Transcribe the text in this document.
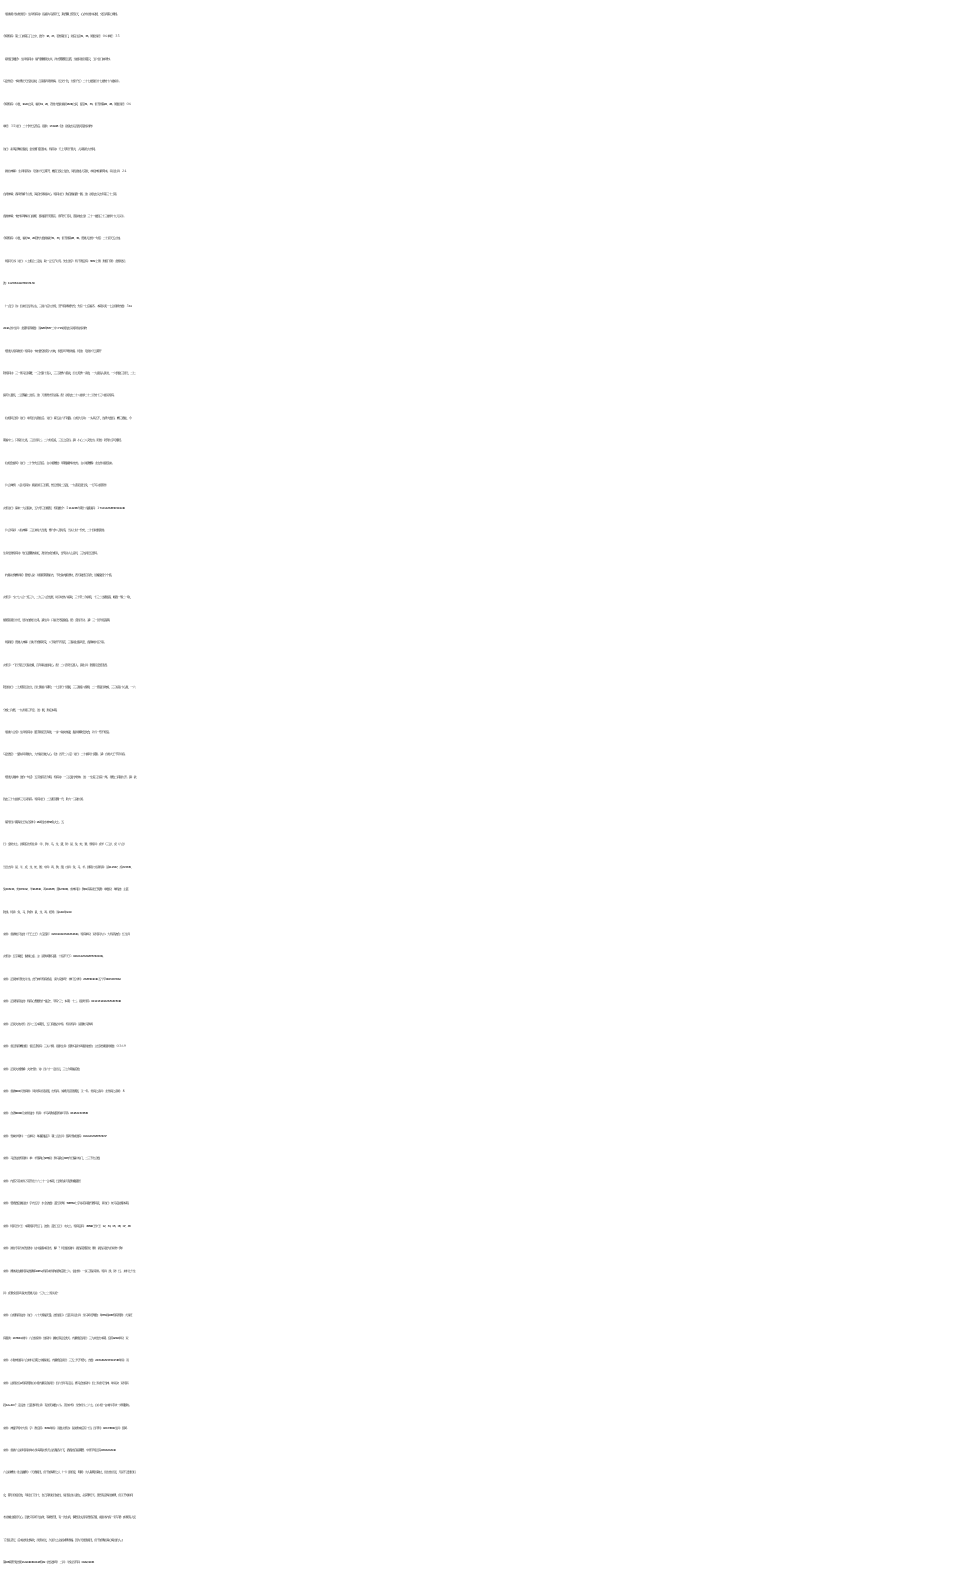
（香港黄大仙救世报）：生肖特码诗：指鹿为马惑帝王，欺君瞒上阳包天，心存忤逆执权柄，交臣武职心惕惶。
今期特码：第二门或第三门之中，推介：16、27。若转第四门，则应注意31、33。尾数双旺：０６ 单旺：３５
（新濠江赌经）：生肖特码诗：瑞气腾腾锁太华，祥光霭霭照云霞，龙楼凤阁寻霄汉，玉户金门映翠纱。
马会传密：“梅”渭北天长孙远树，江南春早寄寒梅。（五光十色，尤紫千红）二十七楼到四十七楼转十六楼看牛。
今期特码：小数，10-20之间，看好19、20，若转大数则看好26-36之间，留意31、33。但不排除22、28。尾数双旺：０６
单旺：３５ 诗曰：二十争先五恐后。 提供：13 19 28（送：欲钱去买活泼可爱的动物）
诗曰：彩凤起舞迎春到，金龙腾飞报喜来。 特码诗：天上月明千里共，人间春色九州同。
（港台神算）：生肖特码诗：月到中天云雾开，蟾宫玉兔上瑶台，凤阁龙楼人景致，恭迎神仙鹤驾来。幸运生肖：２４
台湾神算；春风终解千山雪，海浪长调雨岸心。特码诗曰：狗后猴前跑一圈。送：欲钱去买去年第三十二期。
香港神算；“暖”和风舞动门前柳，喜雨催开苑里花。（挥笔天飞凤，落铁地生金）三十一楼到三十三楼拿十九元买牛。
今期特码：小数，看好10、20若转大数则看好31、33，但不排除28、36。曾道人送你一句话：二十顶天五立地。
（特码天书）诗曰：八七相合二走俏，取一合五子对月。先生送字：特 不离密码：3672 上策：狗猪 下策：龙猴 财运
波：11 23 45 14 22 38 13 31 39
（一点红）诗：四来四五伴左右，三前六后九出特，怒气吼哮闹纷纷，先有一七后看齐。 本期头奖一七合 拖牌吉数：５ 11
24 42 必中生肖：龙猪 特码尾数：双628 单537 二中 :: 7 13 欲钱去买闲似仙的动物
（曾道人特码救世）特码诗：“映”碧空艳阳八方映，牧笛声声歌欢唱。 特送：月到中天云雾开
附特码诗：三一策马五杨鞭，一三长驱十直入，三三骁勇六善战，四七英勇一杀敌，一九直捣入黄龙，一六凯旋三回归，二七
摘芳九嘉奖，二五赐爵二封官。送：万道毫光帝业基。配：欲钱去二十八楼拿二十二元转十三六楼买特码。
（白姐风云榜）诗曰：单见四九跟在后。 诗曰：算五业六不同路。 白姐大行动：一头串五不，选择大数四。 精三通能，今
期看中二。只等四七逃，三五好码二。二六知名追，三五之后四。猜：小心二八突发出。附送：同列九字可爆旺。
（白姐急旋风）诗曰：二十争先五恐后。 白小姐赠送：环眼圆睁似电光。 白小姐赠赐：龙女传书踏浪来。
（六合禅机）八卦灵码诗：疏星淡月三四陈，愁云恨雨二五面，一九燕足留红线，一行写入相思传
玄机诗曰：算来一九运程来，五与零三四相配。 特别推介：５ 11 22 48 今期十大赢钱码：１ 7 12 14 23 28 30 34 41 46
（六合风彩）八仙神算：三五来时九当道，博六争八及时造，当头七时一份光，二十四时倒流转。
生肖发财特码诗：软玉温馨披彩虹，离龙坎虎自相从，含笑动人心意切，三次消息五更风。
（内幕玄机精华版）曾道人说：冲锋陷阵跑前方，不吃鱼肉跑得快，西天取经它有份，妖魔鬼怪个个慌。
玄机字：“幺”七八合一连三六，二九三八会发展，时冷时热六喑取，三十带二今欲吼，十三二七赌最高，略胜一筹二一取，
郁郁葱葱四十旺，居功自傲四七吼。猜生肖：口说无凭爱偷盗。配：觅而无功。 猜：三一回升报高潮。
（特新报）曾道人神算：四时不绝稀奇景，八节常开罕见花，三春雨过春风至，香满城中百万家。
玄机字：“飞”万里云天春北翼，百年事业始同心。 配：二八形势五喜人。 猜生肖：图泰民安感圣君。
附送诗曰：二七相思五挂念，四七翘首六期盼，一七回归一团圆，三三甜蜜八缠绵，二一恩爱四欢畅，三三标脸十心甜，一六
分娩二许愿，一九祈祷三平安。 送：猴，狗定本期。
（香港六合皇）生肖特码诗：胝手胼足苦奔驰，一步一喘实惨凄，掘井耕锄安饮食，功亏一篑不相宜。
马会透密：一路东风乘骏力，九州丽日暖人心。（送：四开二八定）诗曰：二十捕风十捉影。 猜：自称大王不带兵将。
（曾道人赌神）送你一句话：五字送码还今期。 特码诗：一三反复守乾坤。 送：一生爱三四着一尾。 得数二码错九开。猜：欲
钱去三十九楼拿三元买特码。 特码诗曰：二五相见骤一升，助力一三碰九尾。
（第零四六期海龙王综合资料）26鸡金水神32兔火土。五
行：金防水土。 排期应出特生肖：（牛、狗）、马、龙、猪，防：鼠、兔、蛇、猴、弱特肖：虎羊（三合）、虎（六合）
当日吉肖：鼠、牛、虎、龙、蛇、猴；中肖：鸡、狗、猪；凶肖：兔、马、羊。排期公式杀特肖：鼠11 23 47、虎21 33 45、
兔20 32 44、蛇18 30 42、羊16 28 40、鸡14 26 38、猪12 36 48。求神问卦：狗01 码海龙王预测：单数双：单特波：主蓝
防绿。特肖：兔、马、狗 防：鼠、龙、鸡。旺尾：双0-4-6 单1-3-9
来料：香港地下信封《千王之王》:九宝莲灯：02 04 10 22 23 24 25 26 40。 特码单双：双 特码大小：大 特码波色：红 生肖
玄机诗：五字真经，做贼心虚。主：鼠狗鸡猴马猪。 十指平天下：04 10 14 23 24 28 35 36 40 46。
来料：正版神灯禁支:牛龙。此乃神灯特码绝杀，请大家参考！ 神灯五中特：23 28 36 40 46 .五个平:06 15 18 33 42.
来料：正版特码信封：特码心想要找个“宴会”，平码“三”，本期：十二。 提供号码：02 12 13 14 16 23 25 26 35 46
来料：正版火烧玄机：四六二五本期连，五门有数必中特。 特双 特肖：鼠猪蛇马狗鸡
来料：香江特码精选报：香江话特码：三头六臂。 提供生肖：猪狗马鼠羊鸡提供波色：主红防绿提供尾数：０３６９
来料：正版火烧图解：火烧“猪”。诗：四六十一走好运，三七今期看后数
来料：香港6000元传真料：风吹草动见鼠猪，出特肖。 嫦娥月宫思情郎，又一年。 传真之杀肖：龙 传真之杀尾：８
来料：台湾60000元来料信封：特肖：羊马鸡狗鼠猪 特单 平码：06 18 21 30 38 45
来料：雪域中特料：一点单双：单 赢钱猛字：尊二点生肖：猪鸡 雪域送码：01 10 22 23 28 35 36 37
来料：马会信封特别料：单：羊猪鸡[合978]双：狗马鼠[合947]今日偏中东门，二三不出合数
来料：内部万花来料 万花开在十六二十一合本期，红绿色彩尽显狗藏猪居
来料：曾道透密画信封：宇内五行：水 金 波数：蓝红 防尾：598764 七字诗:花间蜜约图风流，肖诗曰：蛇马定能爆本期。
来料：特码王中王：本期特码开五门。 波色：蓝红 五行：木火土。 特码密码： 45896 王中王：12、34、05、08、07、48
来料：港台专家分析发财诗：枯木逢春本回光。 解：？ 特送欲钱料：欲钱花园里找（猴） 欲钱买最大的动物（狗）
来料：裸体美女献特码{准确率100%}特码来料:狗前狗后跟二六。 信封料：一步三思彩家料。特肖：绿、防：红。 来料七个生
肖：虎 猴 兔 猪 鸡 鼠 蛇 曾道人说：“三九二二特头奖”
来料：白姐特码信封：诗曰：八十大筹福无量。波色提示：红蓝 幸运生肖：龙马鸡 旺尾数：单379双048 特码预测：大双旺
码提供：20 38 44 来料：六合独家料：独家料：画蛇添足反类犬。内幕绝密消息：三九来发出本期。密码4219 单双：双
来料：小财神送码:六合来料:云雾之中献彩虹。内幕绝密消息：三五二代不相欠。吉数：24 15 26 29 33 34 47 48 单双：双
来料：法师论坛※特码预测:白小姐内幕亲身消息：四六当年有走运。赛马会独家料：四二和龙可当神。单双决：双 特码
段:12+40=？ 走运波：红蓝 参考生肖：有加无减数八斗。见诗中特：龙争虎斗二六七。白小姐一言来料:手执一斧两脚夹。
来料：神童平特中大奖：字：教 密码：3039 单双：双数 玄机诗：鼠来狗来后有一四。四平特：02 13 38 46 生肖：猪鸡
来料：香港六合彩特码供:单小绿 每期玄机:无山四雁各分飞，酒香浓后暗潮腮。 中原平特五码:03 18 22 29 40
六合彩精选《生活幽默》：《天道祸淫，但不加悔罪之人（一）》郎伦爱，明朝：为人聪明而敏达，但生性好淫，凡是不正经的妇
女，都乐於接近他，年龄过了四十，自己深知好淫成性，常淫乱他人妻女，必获罪於天。虽然有意悔过補罪，但又不知如何
才能補过挽回天心。因此只有听天由命，等候惩罚，有一次生病，偶然读文昌帝君感应篇，看到书内有一页写著：[如果有人犯
了淫乱恶行，后来能知过悔改，改善补过，久而久之必能减罪得福。因为天道虽祸淫，但不加罪能真心悔过的人。]
第045期开奖结果 21-42-46-36-04-16特09（此仅参考） 二肖：牛兔 四平码：09-42, 16-36
